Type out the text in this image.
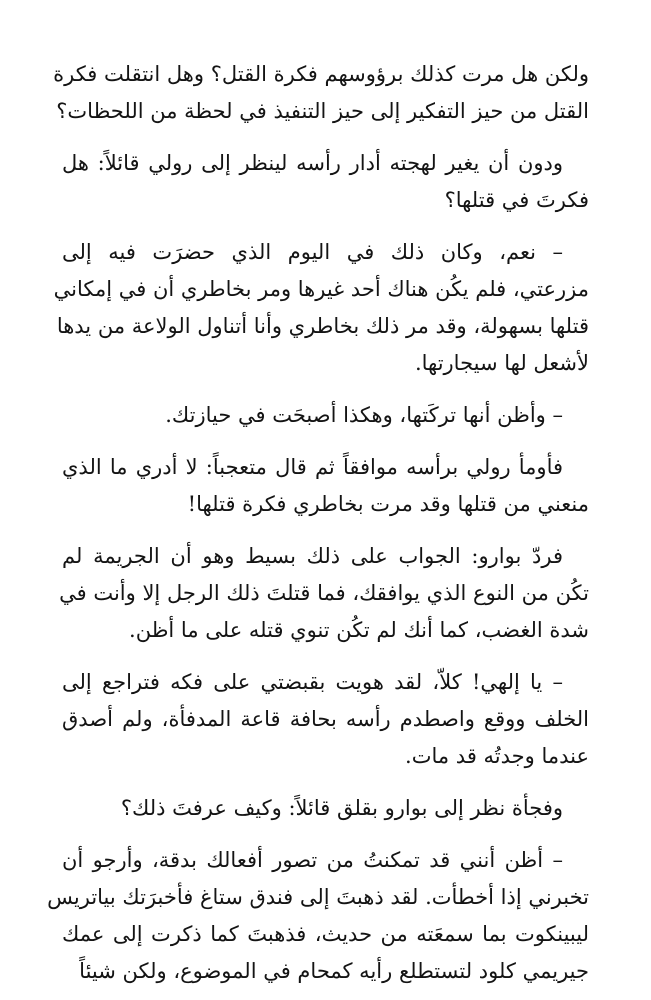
ولكن هل مرت كذلك برؤوسهم فكرة القتل؟ وهل انتقلت فكرة
القتل من حيز التفكير إلى حيز التنفيذ في لحظة من اللحظات؟

ودون أن يغير لهجته أدار رأسه لينظر إلى رولي قائلاً: هل
فكرتَ في قتلها؟

– نعم، وكان ذلك في اليوم الذي حضرَت فيه إلى
مزرعتي، فلم يكُن هناك أحد غيرها ومر بخاطري أن في إمكاني
قتلها بسهولة، وقد مر ذلك بخاطري وأنا أتناول الولاعة من يدها
لأشعل لها سيجارتها.

– وأظن أنها تركَتها، وهكذا أصبحَت في حيازتك.

فأومأ رولي برأسه موافقاً ثم قال متعجباً: لا أدري ما الذي
منعني من قتلها وقد مرت بخاطري فكرة قتلها!

فردّ بوارو: الجواب على ذلك بسيط وهو أن الجريمة لم
تكُن من النوع الذي يوافقك، فما قتلتَ ذلك الرجل إلا وأنت في
شدة الغضب، كما أنك لم تكُن تنوي قتله على ما أظن.

– يا إلهي! كلاّ، لقد هويت بقبضتي على فكه فتراجع إلى
الخلف ووقع واصطدم رأسه بحافة قاعة المدفأة، ولم أصدق
عندما وجدتُه قد مات.

وفجأة نظر إلى بوارو بقلق قائلاً: وكيف عرفتَ ذلك؟

– أظن أنني قد تمكنتُ من تصور أفعالك بدقة، وأرجو أن
تخبرني إذا أخطأت. لقد ذهبتَ إلى فندق ستاغ فأخبرَتك بياتريس
ليبينكوت بما سمعَته من حديث، فذهبتَ كما ذكرت إلى عمك
جيريمي كلود لتستطلع رأيه كمحام في الموضوع، ولكن شيئاً
